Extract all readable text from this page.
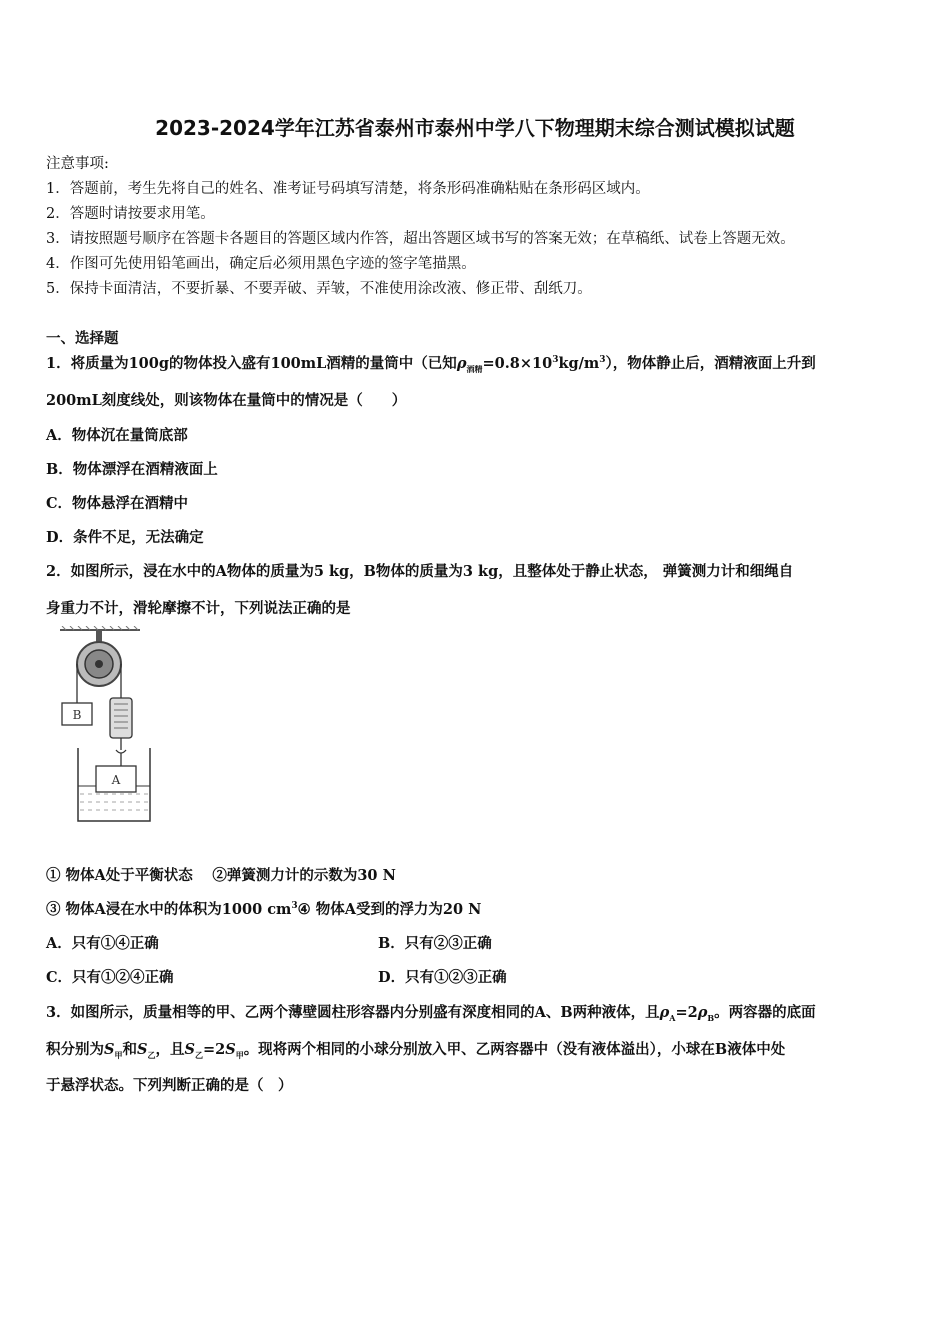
2023-2024学年江苏省泰州市泰州中学八下物理期末综合测试模拟试题
注意事项:
1．答题前，考生先将自己的姓名、准考证号码填写清楚，将条形码准确粘贴在条形码区域内。
2．答题时请按要求用笔。
3．请按照题号顺序在答题卡各题目的答题区域内作答，超出答题区域书写的答案无效；在草稿纸、试卷上答题无效。
4．作图可先使用铅笔画出，确定后必须用黑色字迹的签字笔描黑。
5．保持卡面清洁，不要折暴、不要弄破、弄皱，不准使用涂改液、修正带、刮纸刀。
一、选择题
1．将质量为100g的物体投入盛有100mL酒精的量筒中（已知$\rho_{酒精}=0.8\times 10^3kg/m^3$），物体静止后，酒精液面上升到
200mL刻度线处，则该物体在量筒中的情况是（　　）
A．物体沉在量筒底部
B．物体漂浮在酒精液面上
C．物体悬浮在酒精中
D．条件不足，无法确定
2．如图所示，浸在水中的A物体的质量为5 kg，B物体的质量为3 kg，且整体处于静止状态， 弹簧测力计和细绳自
身重力不计，滑轮摩擦不计，下列说法正确的是
B
A
① 物体A处于平衡状态　 ②弹簧测力计的示数为30 N
③ 物体A浸在水中的体积为1000 $cm^3④$ 物体A受到的浮力为20 N
A．只有①④正确	B．只有②③正确
C．只有①②④正确	D．只有①②③正确
3．如图所示，质量相等的甲、乙两个薄壁圆柱形容器内分别盛有深度相同的A、B两种液体，且$\rho_A=2\rho_B$。两容器的底面
积分别为$S_甲$和$S_乙$，且$S_乙=2S_甲$。现将两个相同的小球分别放入甲、乙两容器中（没有液体溢出），小球在B液体中处
于悬浮状态。下列判断正确的是（　）
